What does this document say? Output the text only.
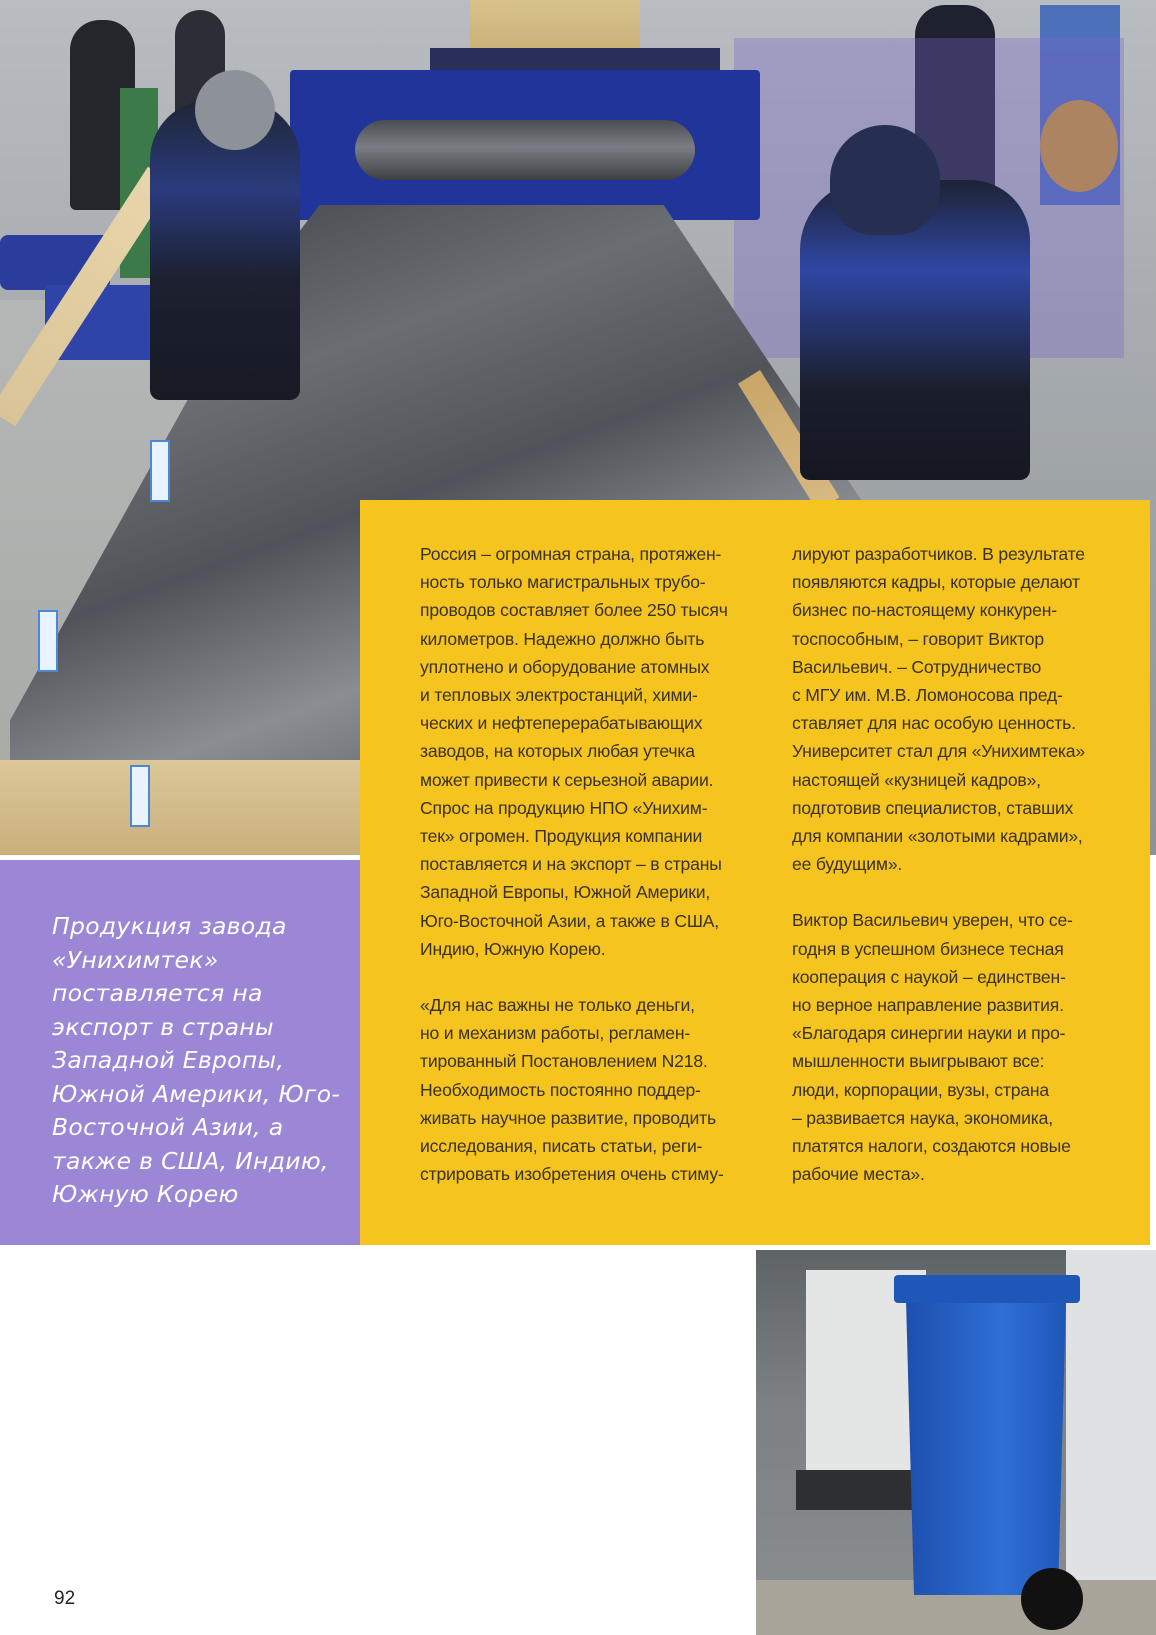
Продукция завода
«Унихимтек»
поставляется на
экспорт в страны
Западной Европы,
Южной Америки, Юго-
Восточной Азии, а
также в США, Индию,
Южную Корею

Россия – огромная страна, протяжен-
ность только магистральных трубо-
проводов составляет более 250 тысяч
километров. Надежно должно быть
уплотнено и оборудование атомных
и тепловых электростанций, хими-
ческих и нефтеперерабатывающих
заводов, на которых любая утечка
может привести к серьезной аварии.
Спрос на продукцию НПО «Унихим-
тек» огромен. Продукция компании
поставляется и на экспорт – в страны
Западной Европы, Южной Америки,
Юго-Восточной Азии, а также в США,
Индию, Южную Корею.

«Для нас важны не только деньги,
но и механизм работы, регламен-
тированный Постановлением N218.
Необходимость постоянно поддер-
живать научное развитие, проводить
исследования, писать статьи, реги-
стрировать изобретения очень стиму-

лируют разработчиков. В результате
появляются кадры, которые делают
бизнес по-настоящему конкурен-
тоспособным, – говорит Виктор
Васильевич. – Сотрудничество
с МГУ им. М.В. Ломоносова пред-
ставляет для нас особую ценность.
Университет стал для «Унихимтека»
настоящей «кузницей кадров»,
подготовив специалистов, ставших
для компании «золотыми кадрами»,
ее будущим».

Виктор Васильевич уверен, что се-
годня в успешном бизнесе тесная
кооперация с наукой – единствен-
но верное направление развития.
«Благодаря синергии науки и про-
мышленности выигрывают все:
люди, корпорации, вузы, страна
– развивается наука, экономика,
платятся налоги, создаются новые
рабочие места».

92
